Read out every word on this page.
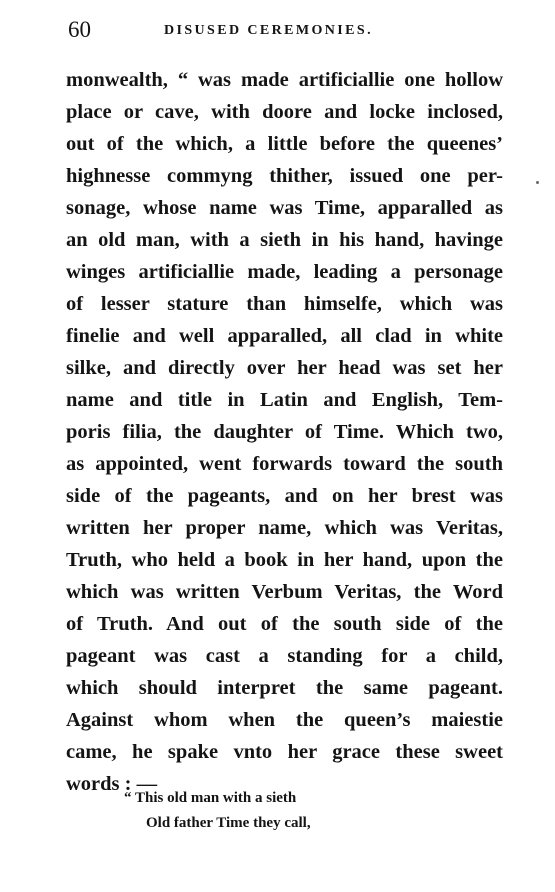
60	DISUSED CEREMONIES.
monwealth, “ was made artificiallie one hollow
place or cave, with doore and locke inclosed,
out of the which, a little before the queenes’
highnesse commyng thither, issued one per-
sonage, whose name was Time, apparalled as
an old man, with a sieth in his hand, havinge
winges artificiallie made, leading a personage
of lesser stature than himselfe, which was
finelie and well apparalled, all clad in white
silke, and directly over her head was set her
name and title in Latin and English, Tem-
poris filia, the daughter of Time. Which two,
as appointed, went forwards toward the south
side of the pageants, and on her brest was
written her proper name, which was Veritas,
Truth, who held a book in her hand, upon the
which was written Verbum Veritas, the Word
of Truth. And out of the south side of the
pageant was cast a standing for a child,
which should interpret the same pageant.
Against whom when the queen’s maiestie
came, he spake vnto her grace these sweet
words : —
“ This old man with a sieth
Old father Time they call,
